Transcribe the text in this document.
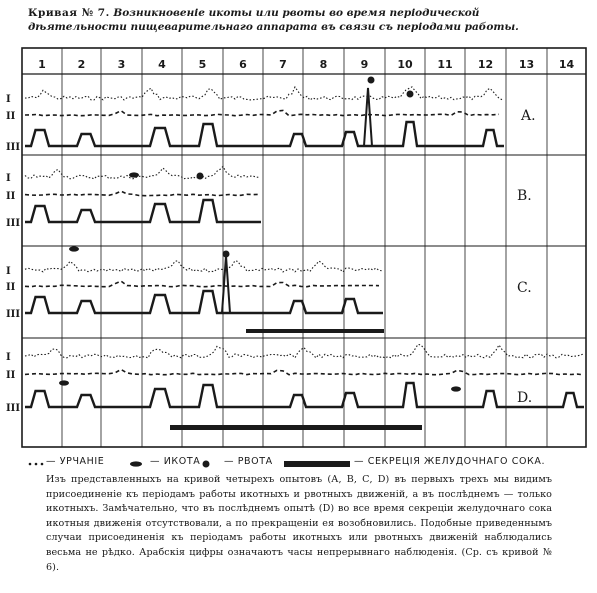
Кривая № 7. Возникновеніе икоты или рвоты во время періодической дѣятельности пищеварительнаго аппарата въ связи съ періодами работы.
1	2	3	4	5	6	7	8	9	10 11 12 13 14
I
II
III
A.
I
II
III
B.
I
II
III
C.
I
II
III
D.
— УРЧАНІЕ	— ИКОТА — РВОТА	— СЕКРЕЦІЯ ЖЕЛУДОЧНАГО СОКА.
Изъ представленныхъ на кривой четырехъ опытовъ (А, В, С, D) въ первыхъ трехъ мы видимъ присоединеніе къ періодамъ работы икотныхъ и рвотныхъ движеній, а въ послѣднемъ — только икотныхъ. Замѣчательно, что въ послѣднемъ опытѣ (D) во все время секреціи желудочнаго сока икотныя движенія отсутствовали, а по прекращеніи ея возобновились. Подобные приведеннымъ случаи присоединенія къ періодамъ работы икотныхъ или рвотныхъ движеній наблюдались весьма не рѣдко. Арабскія цифры означаютъ часы непрерывнаго наблюденія. (Ср. съ кривой № 6).
